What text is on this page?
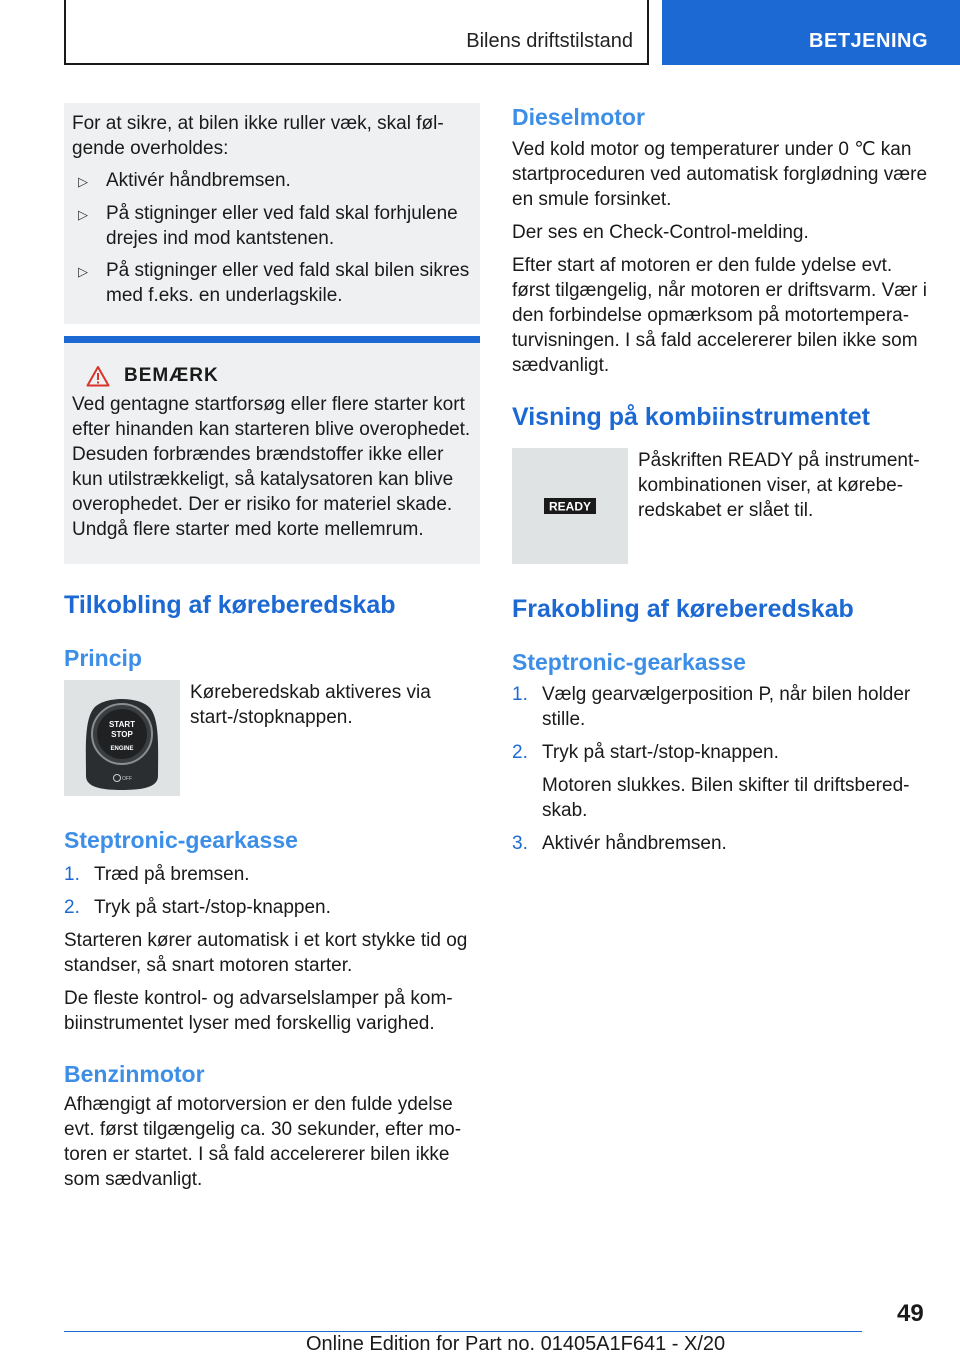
Bilens driftstilstand	BETJENING

For at sikre, at bilen ikke ruller væk, skal føl-gende overholdes:

▷ Aktivér håndbremsen.
▷ På stigninger eller ved fald skal forhjulene drejes ind mod kantstenen.
▷ På stigninger eller ved fald skal bilen sikres med f.eks. en underlagskile.
BEMÆRK
Ved gentagne startforsøg eller flere starter kort efter hinanden kan starteren blive overophedet. Desuden forbrændes brændstoffer ikke eller kun utilstrækkeligt, så katalysatoren kan blive overophedet. Der er risiko for materiel skade. Undgå flere starter med korte mellemrum.
Tilkobling af køreberedskab
Princip
START
STOP
ENGINE
OFF
Køreberedskab aktiveres via start-/stopknappen.
Steptronic-gearkasse
1. Træd på bremsen.
2. Tryk på start-/stop-knappen.

Starteren kører automatisk i et kort stykke tid og standser, så snart motoren starter.

De fleste kontrol- og advarselslamper på kom-biinstrumentet lyser med forskellig varighed.

Benzinmotor

Afhængigt af motorversion er den fulde ydelse evt. først tilgængelig ca. 30 sekunder, efter mo-toren er startet. I så fald accelererer bilen ikke som sædvanligt.

Dieselmotor

Ved kold motor og temperaturer under 0 ℃ kan startproceduren ved automatisk forglødning være en smule forsinket.

Der ses en Check-Control-melding.

Efter start af motoren er den fulde ydelse evt. først tilgængelig, når motoren er driftsvarm. Vær i den forbindelse opmærksom på motortempera-turvisningen. I så fald accelererer bilen ikke som sædvanligt.

Visning på kombiinstrumentet
READY
Påskriften READY på instrument-kombinationen viser, at kørebe-redskabet er slået til.
Frakobling af køreberedskab
Steptronic-gearkasse
1. Vælg gearvælgerposition P, når bilen holder stille.
2. Tryk på start-/stop-knappen.

Motoren slukkes. Bilen skifter til driftsbered-skab.

3. Aktivér håndbremsen.
49
Online Edition for Part no. 01405A1F641 - X/20
